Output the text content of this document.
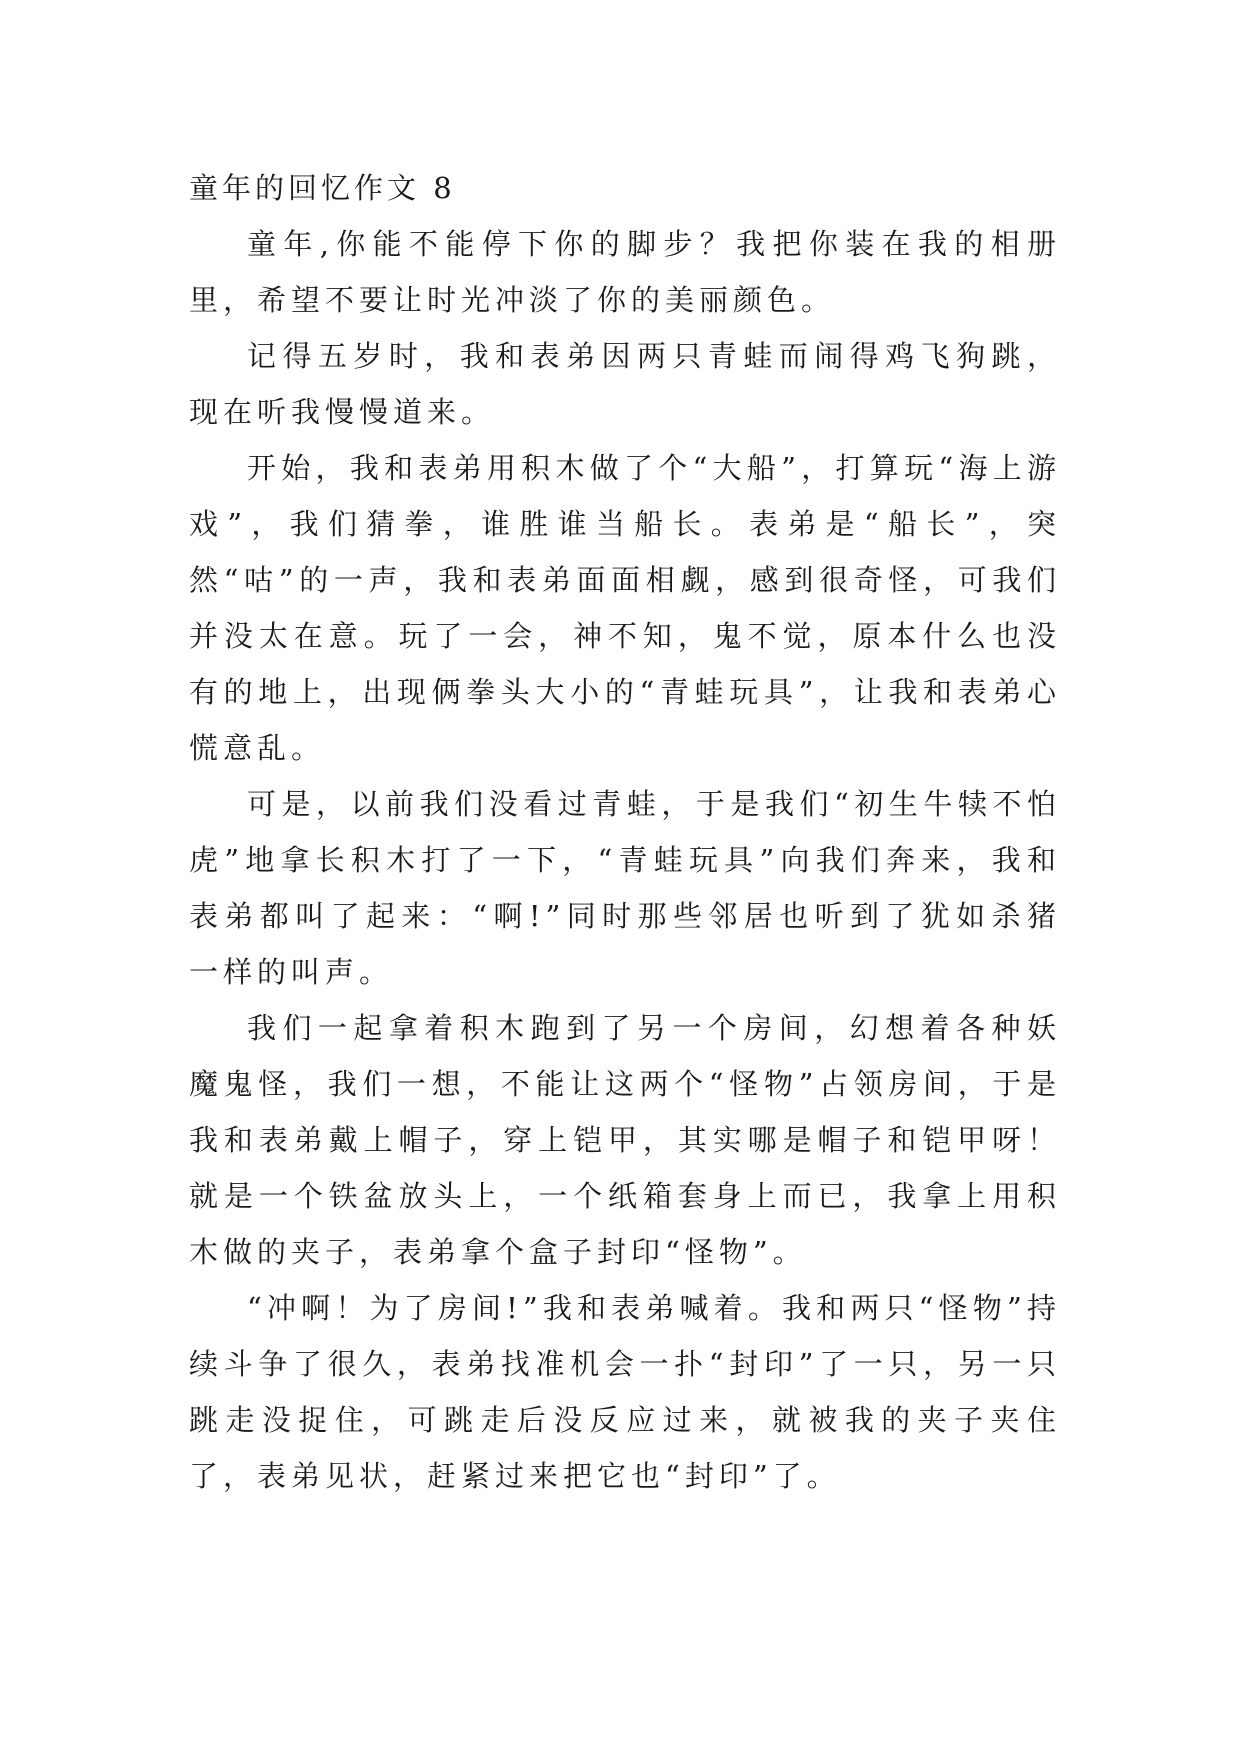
童年的回忆作文 8

童年,你能不能停下你的脚步？我把你装在我的相册里，希望不要让时光冲淡了你的美丽颜色。

记得五岁时，我和表弟因两只青蛙而闹得鸡飞狗跳，现在听我慢慢道来。

开始，我和表弟用积木做了个“大船”，打算玩“海上游戏”，我们猜拳，谁胜谁当船长。表弟是“船长”，突然“咕”的一声，我和表弟面面相觑，感到很奇怪，可我们并没太在意。玩了一会，神不知，鬼不觉，原本什么也没有的地上，出现俩拳头大小的“青蛙玩具”，让我和表弟心慌意乱。

可是，以前我们没看过青蛙，于是我们“初生牛犊不怕虎”地拿长积木打了一下，“青蛙玩具”向我们奔来，我和表弟都叫了起来：“啊!”同时那些邻居也听到了犹如杀猪一样的叫声。

我们一起拿着积木跑到了另一个房间，幻想着各种妖魔鬼怪，我们一想，不能让这两个“怪物”占领房间，于是我和表弟戴上帽子，穿上铠甲，其实哪是帽子和铠甲呀！就是一个铁盆放头上，一个纸箱套身上而已，我拿上用积木做的夹子，表弟拿个盒子封印“怪物”。

“冲啊！为了房间!”我和表弟喊着。我和两只“怪物”持续斗争了很久，表弟找准机会一扑“封印”了一只，另一只跳走没捉住，可跳走后没反应过来，就被我的夹子夹住了，表弟见状，赶紧过来把它也“封印”了。
